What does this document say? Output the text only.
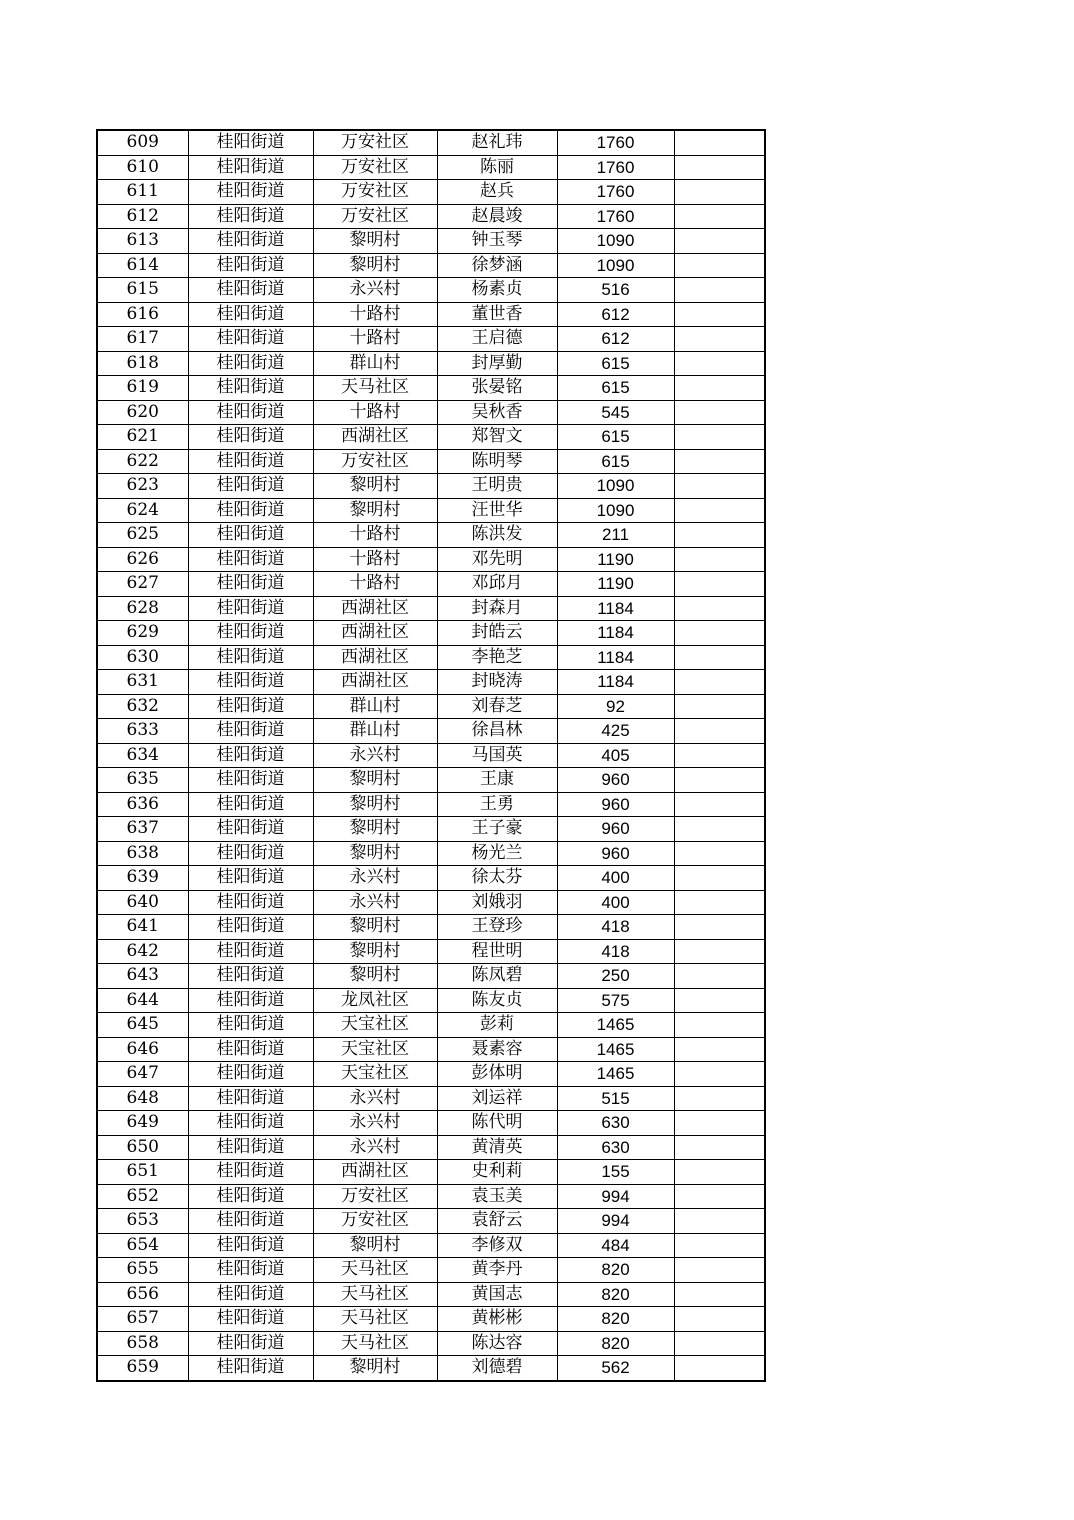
609	桂阳街道	万安社区	赵礼玮	1760	
610	桂阳街道	万安社区	陈丽	1760	
611	桂阳街道	万安社区	赵兵	1760	
612	桂阳街道	万安社区	赵晨竣	1760	
613	桂阳街道	黎明村	钟玉琴	1090	
614	桂阳街道	黎明村	徐梦涵	1090	
615	桂阳街道	永兴村	杨素贞	516	
616	桂阳街道	十路村	董世香	612	
617	桂阳街道	十路村	王启德	612	
618	桂阳街道	群山村	封厚勤	615	
619	桂阳街道	天马社区	张晏铭	615	
620	桂阳街道	十路村	吴秋香	545	
621	桂阳街道	西湖社区	郑智文	615	
622	桂阳街道	万安社区	陈明琴	615	
623	桂阳街道	黎明村	王明贵	1090	
624	桂阳街道	黎明村	汪世华	1090	
625	桂阳街道	十路村	陈洪发	211	
626	桂阳街道	十路村	邓先明	1190	
627	桂阳街道	十路村	邓邱月	1190	
628	桂阳街道	西湖社区	封森月	1184	
629	桂阳街道	西湖社区	封皓云	1184	
630	桂阳街道	西湖社区	李艳芝	1184	
631	桂阳街道	西湖社区	封晓涛	1184	
632	桂阳街道	群山村	刘春芝	92	
633	桂阳街道	群山村	徐昌林	425	
634	桂阳街道	永兴村	马国英	405	
635	桂阳街道	黎明村	王康	960	
636	桂阳街道	黎明村	王勇	960	
637	桂阳街道	黎明村	王子豪	960	
638	桂阳街道	黎明村	杨光兰	960	
639	桂阳街道	永兴村	徐太芬	400	
640	桂阳街道	永兴村	刘娥羽	400	
641	桂阳街道	黎明村	王登珍	418	
642	桂阳街道	黎明村	程世明	418	
643	桂阳街道	黎明村	陈凤碧	250	
644	桂阳街道	龙凤社区	陈友贞	575	
645	桂阳街道	天宝社区	彭莉	1465	
646	桂阳街道	天宝社区	聂素容	1465	
647	桂阳街道	天宝社区	彭体明	1465	
648	桂阳街道	永兴村	刘运祥	515	
649	桂阳街道	永兴村	陈代明	630	
650	桂阳街道	永兴村	黄清英	630	
651	桂阳街道	西湖社区	史利莉	155	
652	桂阳街道	万安社区	袁玉美	994	
653	桂阳街道	万安社区	袁舒云	994	
654	桂阳街道	黎明村	李修双	484	
655	桂阳街道	天马社区	黄李丹	820	
656	桂阳街道	天马社区	黄国志	820	
657	桂阳街道	天马社区	黄彬彬	820	
658	桂阳街道	天马社区	陈达容	820	
659	桂阳街道	黎明村	刘德碧	562	
